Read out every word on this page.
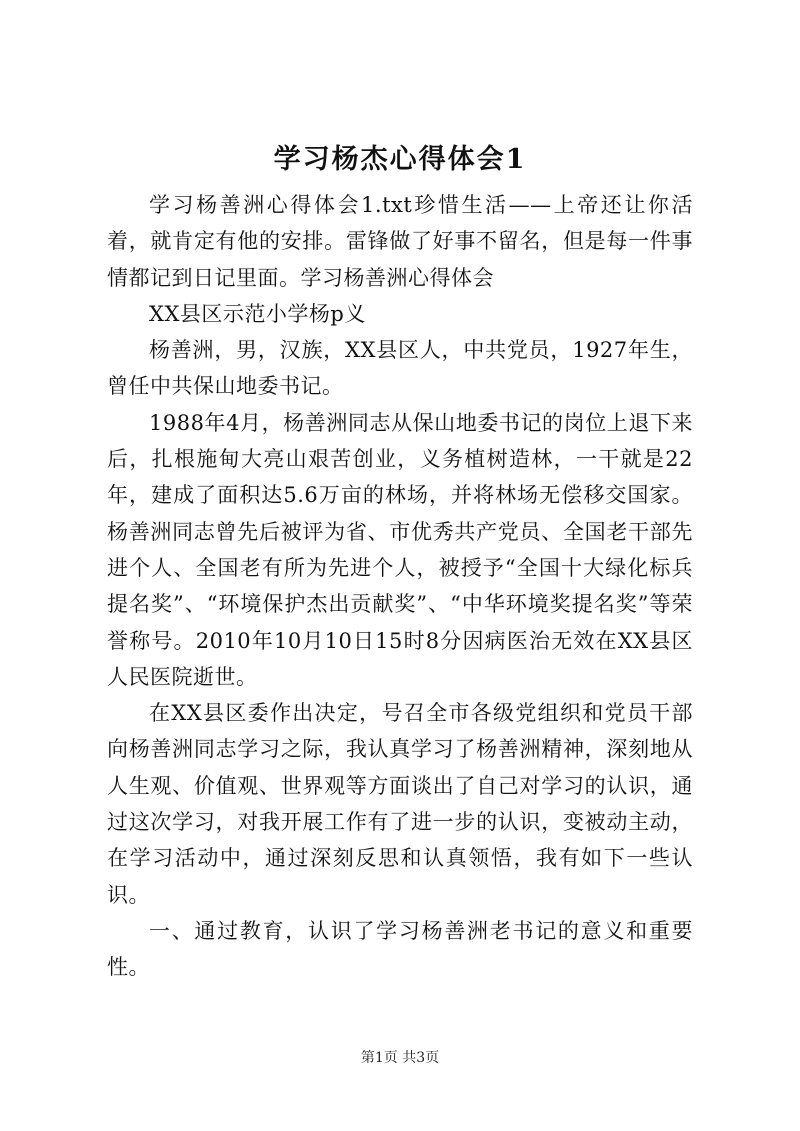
学习杨杰心得体会1

学习杨善洲心得体会1.txt珍惜生活——上帝还让你活着，就肯定有他的安排。雷锋做了好事不留名，但是每一件事情都记到日记里面。学习杨善洲心得体会

XX县区示范小学杨p义

杨善洲，男，汉族，XX县区人，中共党员，1927年生，曾任中共保山地委书记。

1988年4月，杨善洲同志从保山地委书记的岗位上退下来后，扎根施甸大亮山艰苦创业，义务植树造林，一干就是22年，建成了面积达5.6万亩的林场，并将林场无偿移交国家。杨善洲同志曾先后被评为省、市优秀共产党员、全国老干部先进个人、全国老有所为先进个人，被授予“全国十大绿化标兵提名奖”、“环境保护杰出贡献奖”、“中华环境奖提名奖”等荣誉称号。2010年10月10日15时8分因病医治无效在XX县区人民医院逝世。

在XX县区委作出决定，号召全市各级党组织和党员干部向杨善洲同志学习之际，我认真学习了杨善洲精神，深刻地从人生观、价值观、世界观等方面谈出了自己对学习的认识，通过这次学习，对我开展工作有了进一步的认识，变被动主动，在学习活动中，通过深刻反思和认真领悟，我有如下一些认识。

一、通过教育，认识了学习杨善洲老书记的意义和重要性。

第1页 共3页
